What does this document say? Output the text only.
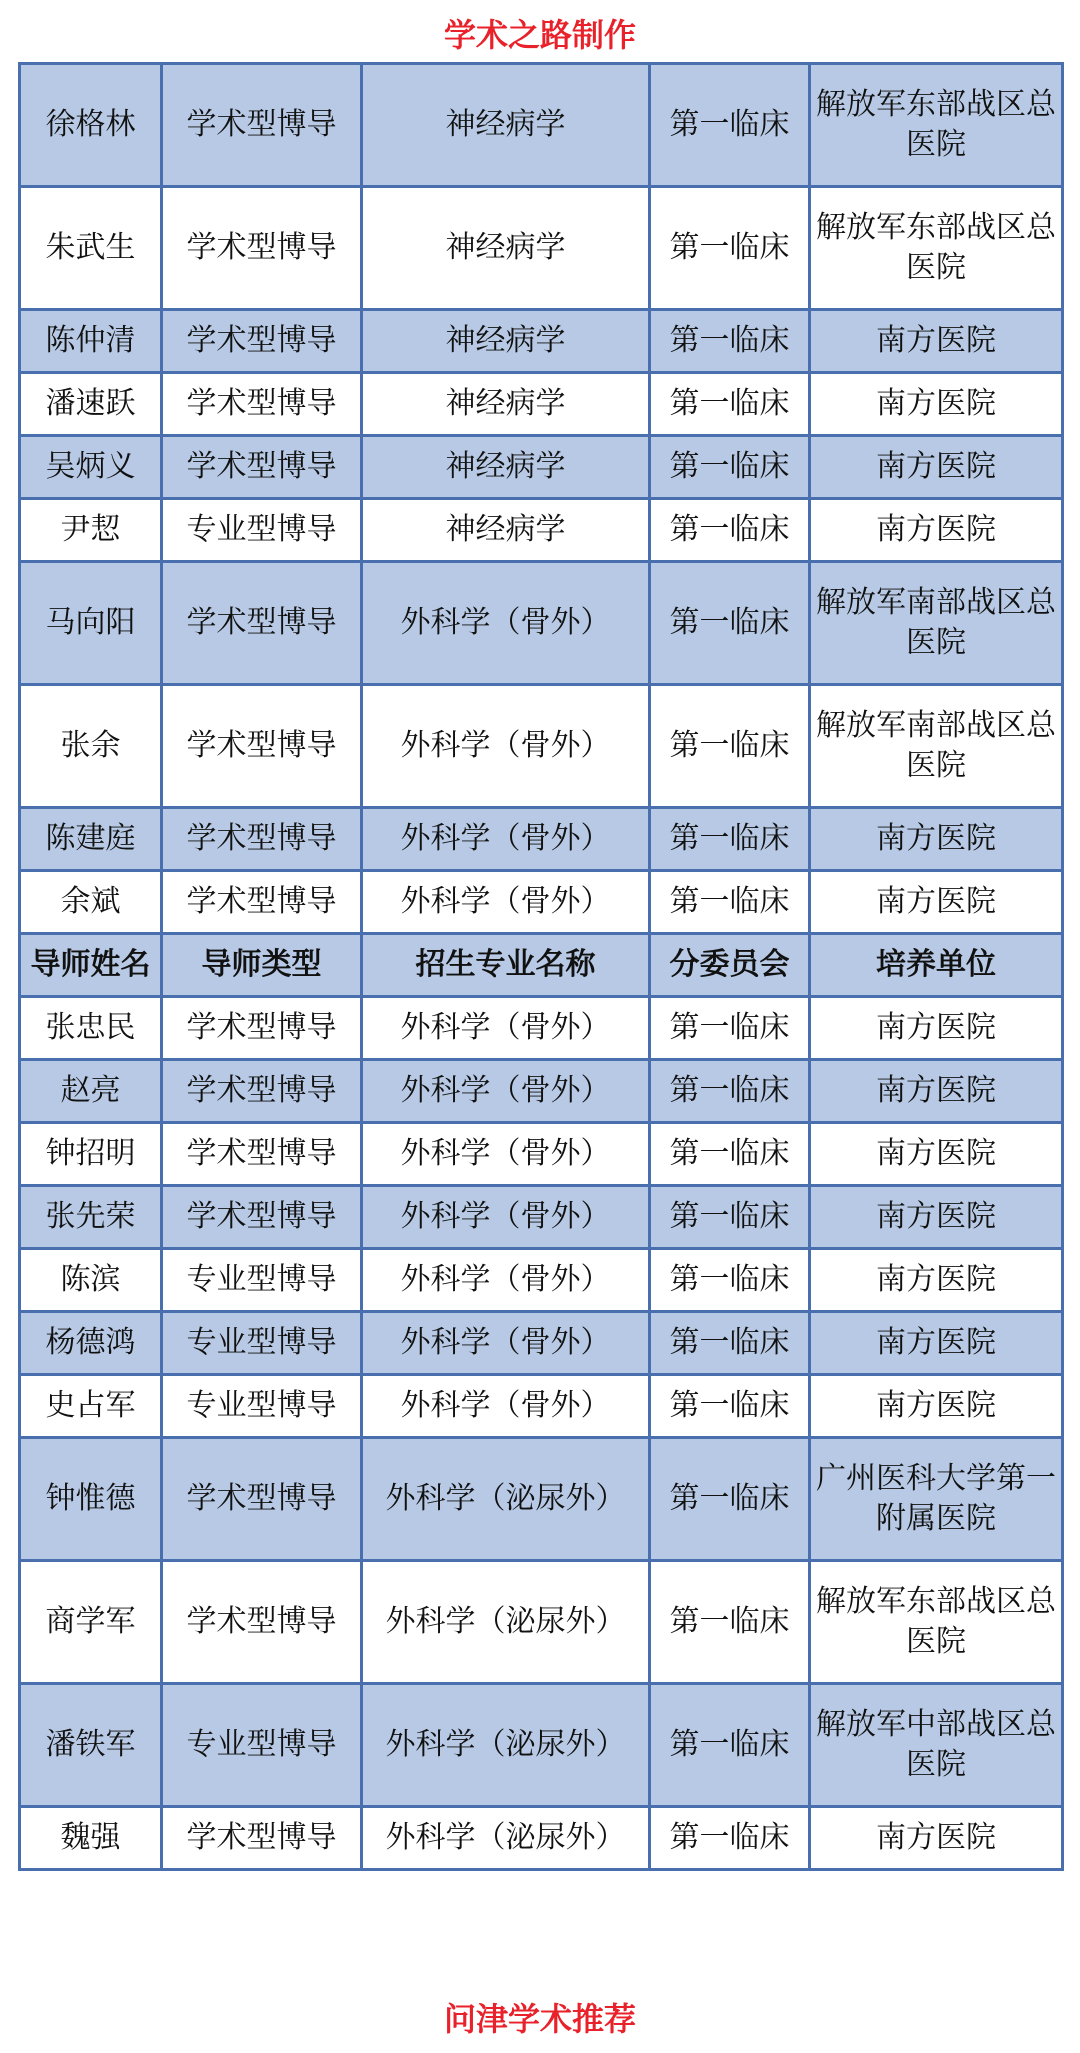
学术之路制作
徐格林	学术型博导	神经病学	第一临床	解放军东部战区总医院
朱武生	学术型博导	神经病学	第一临床	解放军东部战区总医院
陈仲清	学术型博导	神经病学	第一临床	南方医院
潘速跃	学术型博导	神经病学	第一临床	南方医院
吴炳义	学术型博导	神经病学	第一临床	南方医院
尹恝	专业型博导	神经病学	第一临床	南方医院
马向阳	学术型博导	外科学（骨外）	第一临床	解放军南部战区总医院
张余	学术型博导	外科学（骨外）	第一临床	解放军南部战区总医院
陈建庭	学术型博导	外科学（骨外）	第一临床	南方医院
余斌	学术型博导	外科学（骨外）	第一临床	南方医院
导师姓名	导师类型	招生专业名称	分委员会	培养单位
张忠民	学术型博导	外科学（骨外）	第一临床	南方医院
赵亮	学术型博导	外科学（骨外）	第一临床	南方医院
钟招明	学术型博导	外科学（骨外）	第一临床	南方医院
张先荣	学术型博导	外科学（骨外）	第一临床	南方医院
陈滨	专业型博导	外科学（骨外）	第一临床	南方医院
杨德鸿	专业型博导	外科学（骨外）	第一临床	南方医院
史占军	专业型博导	外科学（骨外）	第一临床	南方医院
钟惟德	学术型博导	外科学（泌尿外）	第一临床	广州医科大学第一附属医院
商学军	学术型博导	外科学（泌尿外）	第一临床	解放军东部战区总医院
潘铁军	专业型博导	外科学（泌尿外）	第一临床	解放军中部战区总医院
魏强	学术型博导	外科学（泌尿外）	第一临床	南方医院
问津学术推荐
